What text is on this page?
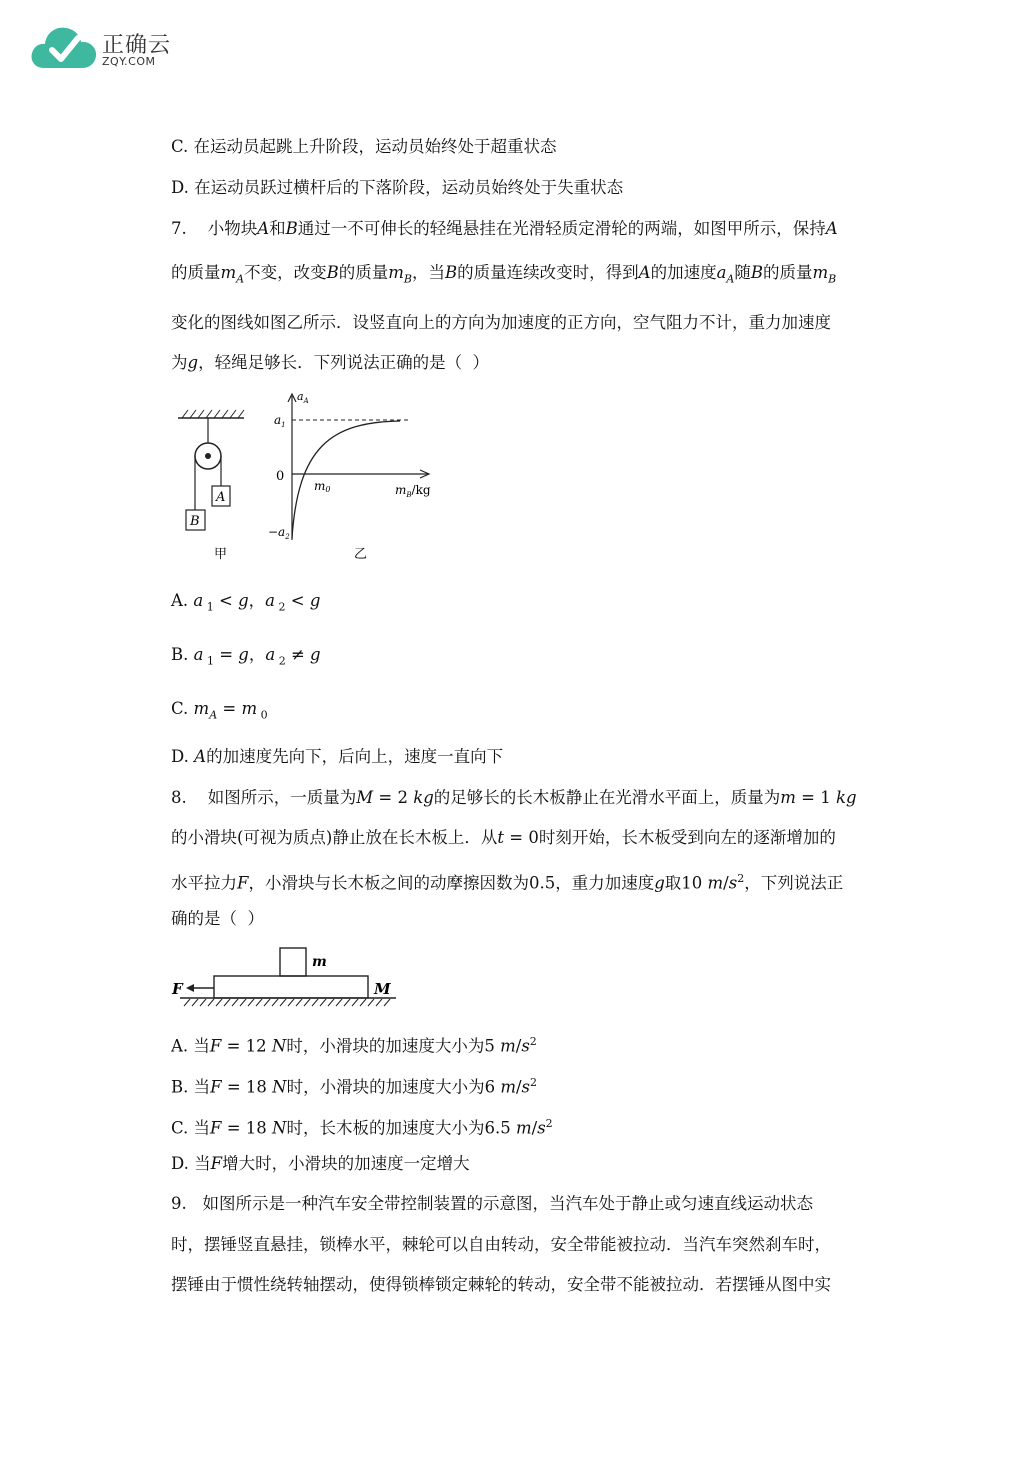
正确云
ZQY.COM
C. 在运动员起跳上升阶段，运动员始终处于超重状态
D. 在运动员跃过横杆后的下落阶段，运动员始终处于失重状态
7.    小物块A和B通过一不可伸长的轻绳悬挂在光滑轻质定滑轮的两端，如图甲所示，保持A
的质量$m_A$不变，改变B的质量$m_B$，当B的质量连续改变时，得到A的加速度$a_A$随B的质量$m_B$
变化的图线如图乙所示．设竖直向上的方向为加速度的正方向，空气阻力不计，重力加速度
为g，轻绳足够长．下列说法正确的是（  ）
A
B
甲
$a_A$
$a_1$
0
m0	$m_B/kg$
$-a_2$
乙
A. a $_1$ < g，a $_2$ < g
B. a $_1$ = g，a $_2$ ≠ g
C. $m_A = m$ $_0$
D. A的加速度先向下，后向上，速度一直向下
8.    如图所示，一质量为M = 2 kg的足够长的长木板静止在光滑水平面上，质量为m = 1 kg
的小滑块(可视为质点)静止放在长木板上．从t = 0时刻开始，长木板受到向左的逐渐增加的
水平拉力F，小滑块与长木板之间的动摩擦因数为0.5，重力加速度g取10 $m/s^2$，下列说法正
确的是（  ）
m
F	M
A. 当F = 12 N时，小滑块的加速度大小为5 $m/s^2$
B. 当F = 18 N时，小滑块的加速度大小为6 $m/s^2$
C. 当F = 18 N时，长木板的加速度大小为6.5 $m/s^2$
D. 当F增大时，小滑块的加速度一定增大
9. 如图所示是一种汽车安全带控制装置的示意图，当汽车处于静止或匀速直线运动状态
时，摆锤竖直悬挂，锁棒水平，棘轮可以自由转动，安全带能被拉动．当汽车突然刹车时，
摆锤由于惯性绕转轴摆动，使得锁棒锁定棘轮的转动，安全带不能被拉动．若摆锤从图中实
